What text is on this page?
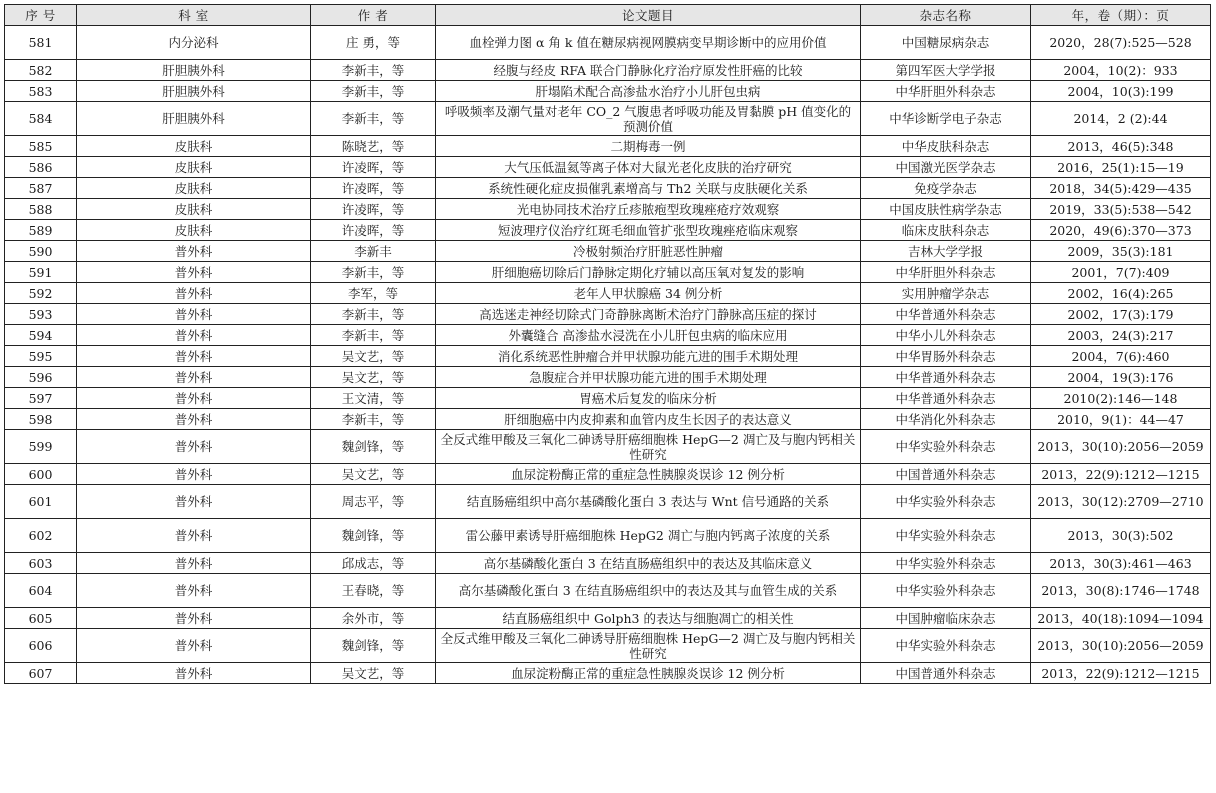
序 号	科 室	作 者	论文题目	杂志名称	年，卷（期）：页
581	内分泌科	庄 勇，等	血栓弹力图 α 角 k 值在糖尿病视网膜病变早期诊断中的应用价值	中国糖尿病杂志	2020，28(7):525—528
582	肝胆胰外科	李新丰，等	经腹与经皮 RFA 联合门静脉化疗治疗原发性肝癌的比较	第四军医大学学报	2004，10(2)：933
583	肝胆胰外科	李新丰，等	肝塌陷术配合高渗盐水治疗小儿肝包虫病	中华肝胆外科杂志	2004，10(3):199
584	肝胆胰外科	李新丰，等	呼吸频率及潮气量对老年 CO_2 气腹患者呼吸功能及胃黏膜 pH 值变化的预测价值	中华诊断学电子杂志	2014，2 (2):44
585	皮肤科	陈晓艺，等	二期梅毒一例	中华皮肤科杂志	2013，46(5):348
586	皮肤科	许凌晖，等	大气压低温氦等离子体对大鼠光老化皮肤的治疗研究	中国激光医学杂志	2016，25(1):15—19
587	皮肤科	许凌晖，等	系统性硬化症皮损催乳素增高与 Th2 关联与皮肤硬化关系	免疫学杂志	2018，34(5):429—435
588	皮肤科	许凌晖，等	光电协同技术治疗丘疹脓疱型玫瑰痤疮疗效观察	中国皮肤性病学杂志	2019，33(5):538—542
589	皮肤科	许凌晖，等	短波理疗仪治疗红斑毛细血管扩张型玫瑰痤疮临床观察	临床皮肤科杂志	2020，49(6):370—373
590	普外科	李新丰	冷极射频治疗肝脏恶性肿瘤	吉林大学学报	2009，35(3):181
591	普外科	李新丰，等	肝细胞癌切除后门静脉定期化疗辅以高压氧对复发的影响	中华肝胆外科杂志	2001，7(7):409
592	普外科	李军，等	老年人甲状腺癌 34 例分析	实用肿瘤学杂志	2002，16(4):265
593	普外科	李新丰，等	高选迷走神经切除式门奇静脉离断术治疗门静脉高压症的探讨	中华普通外科杂志	2002，17(3):179
594	普外科	李新丰，等	外囊缝合 高渗盐水浸洗在小儿肝包虫病的临床应用	中华小儿外科杂志	2003，24(3):217
595	普外科	吴文艺，等	消化系统恶性肿瘤合并甲状腺功能亢进的围手术期处理	中华胃肠外科杂志	2004，7(6):460
596	普外科	吴文艺，等	急腹症合并甲状腺功能亢进的围手术期处理	中华普通外科杂志	2004，19(3):176
597	普外科	王文清，等	胃癌术后复发的临床分析	中华普通外科杂志	2010(2):146—148
598	普外科	李新丰，等	肝细胞癌中内皮抑素和血管内皮生长因子的表达意义	中华消化外科杂志	2010，9(1)：44—47
599	普外科	魏剑锋，等	全反式维甲酸及三氧化二砷诱导肝癌细胞株 HepG—2 凋亡及与胞内钙相关性研究	中华实验外科杂志	2013，30(10):2056—2059
600	普外科	吴文艺，等	血尿淀粉酶正常的重症急性胰腺炎误诊 12 例分析	中国普通外科杂志	2013，22(9):1212—1215
601	普外科	周志平，等	结直肠癌组织中高尔基磷酸化蛋白 3 表达与 Wnt 信号通路的关系	中华实验外科杂志	2013，30(12):2709—2710
602	普外科	魏剑锋，等	雷公藤甲素诱导肝癌细胞株 HepG2 凋亡与胞内钙离子浓度的关系	中华实验外科杂志	2013，30(3):502
603	普外科	邱成志，等	高尔基磷酸化蛋白 3 在结直肠癌组织中的表达及其临床意义	中华实验外科杂志	2013，30(3):461—463
604	普外科	王春晓，等	高尔基磷酸化蛋白 3 在结直肠癌组织中的表达及其与血管生成的关系	中华实验外科杂志	2013，30(8):1746—1748
605	普外科	余外市，等	结直肠癌组织中 Golph3 的表达与细胞凋亡的相关性	中国肿瘤临床杂志	2013，40(18):1094—1094
606	普外科	魏剑锋，等	全反式维甲酸及三氧化二砷诱导肝癌细胞株 HepG—2 凋亡及与胞内钙相关性研究	中华实验外科杂志	2013，30(10):2056—2059
607	普外科	吴文艺，等	血尿淀粉酶正常的重症急性胰腺炎误诊 12 例分析	中国普通外科杂志	2013，22(9):1212—1215
